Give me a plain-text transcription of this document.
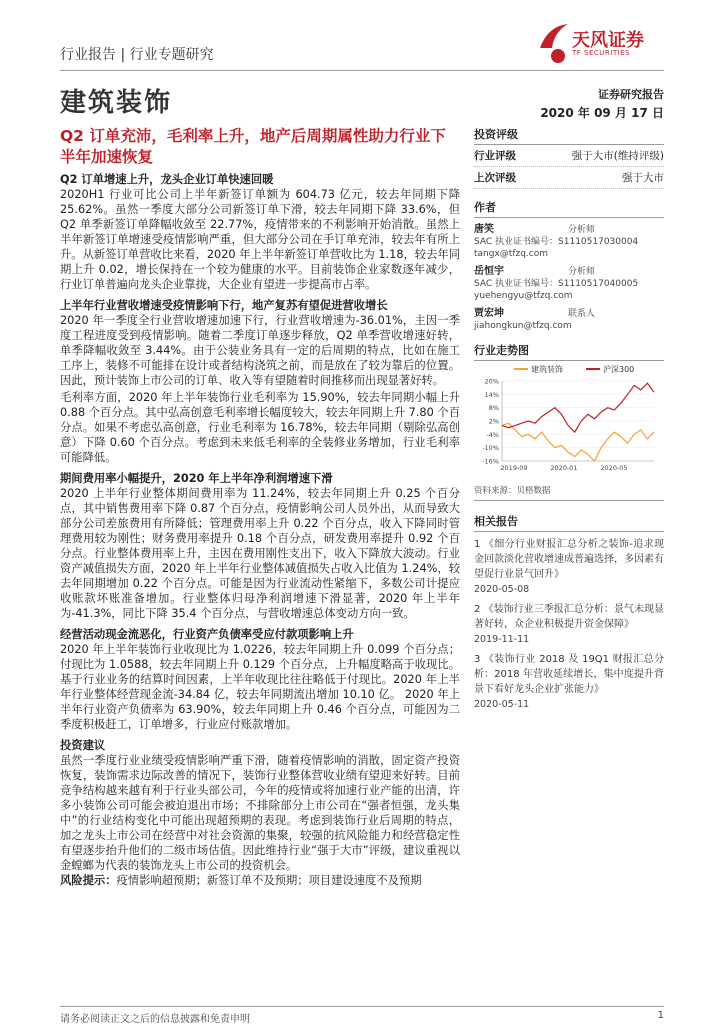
行业报告 | 行业专题研究
天风证券
TF SECURITIES
建筑装饰	证券研究报告
2020 年 09 月 17 日
Q2 订单充沛，毛利率上升，地产后周期属性助力行业下半年加速恢复
Q2 订单增速上升，龙头企业订单快速回暖

2020H1 行业可比公司上半年新签订单额为 604.73 亿元，较去年同期下降 25.62%。虽然一季度大部分公司新签订单下滑，较去年同期下降 33.6%，但 Q2 单季新签订单降幅收敛至 22.77%，疫情带来的不利影响开始消散。虽然上半年新签订单增速受疫情影响严重，但大部分公司在手订单充沛，较去年有所上升。从新签订单营收比来看，2020 年上半年新签订单营收比为 1.18，较去年同期上升 0.02，增长保持在一个较为健康的水平。目前装饰企业家数逐年减少，行业订单普遍向龙头企业靠拢，大企业有望进一步提高市占率。

上半年行业营收增速受疫情影响下行，地产复苏有望促进营收增长

2020 年一季度全行业营收增速加速下行，行业营收增速为-36.01%，主因一季度工程进度受到疫情影响。随着二季度订单逐步释放，Q2 单季营收增速好转，单季降幅收敛至 3.44%。由于公装业务具有一定的后周期的特点，比如在施工工序上，装修不可能排在设计或者结构浇筑之前，而是放在了较为靠后的位置。因此，预计装饰上市公司的订单、收入等有望随着时间推移而出现显著好转。

毛利率方面，2020 年上半年装饰行业毛利率为 15.90%，较去年同期小幅上升 0.88 个百分点。其中弘高创意毛利率增长幅度较大，较去年同期上升 7.80 个百分点。如果不考虑弘高创意，行业毛利率为 16.78%，较去年同期（剔除弘高创意）下降 0.60 个百分点。考虑到未来低毛利率的全装修业务增加，行业毛利率可能降低。

期间费用率小幅提升，2020 年上半年净利润增速下滑

2020 上半年行业整体期间费用率为 11.24%，较去年同期上升 0.25 个百分点，其中销售费用率下降 0.87 个百分点，疫情影响公司人员外出，从而导致大部分公司差旅费用有所降低；管理费用率上升 0.22 个百分点，收入下降同时管理费用较为刚性；财务费用率提升 0.18 个百分点，研发费用率提升 0.92 个百分点。行业整体费用率上升，主因在费用刚性支出下，收入下降放大波动。行业资产减值损失方面，2020 年上半年行业整体减值损失占收入比值为 1.24%，较去年同期增加 0.22 个百分点。可能是因为行业流动性紧缩下，多数公司计提应收账款坏账准备增加。行业整体归母净利润增速下滑显著，2020 年上半年为-41.3%，同比下降 35.4 个百分点，与营收增速总体变动方向一致。

经营活动现金流恶化，行业资产负债率受应付款项影响上升

2020 年上半年装饰行业收现比为 1.0226，较去年同期上升 0.099 个百分点；付现比为 1.0588，较去年同期上升 0.129 个百分点，上升幅度略高于收现比。基于行业业务的结算时间因素，上半年收现比往往略低于付现比。2020 年上半年行业整体经营现金流-34.84 亿，较去年同期流出增加 10.10 亿。 2020 年上半年行业资产负债率为 63.90%，较去年同期上升 0.46 个百分点，可能因为二季度积极赶工，订单增多，行业应付账款增加。

投资建议

虽然一季度行业业绩受疫情影响严重下滑，随着疫情影响的消散，固定资产投资恢复，装饰需求边际改善的情况下，装饰行业整体营收业绩有望迎来好转。目前竞争结构越来越有利于行业头部公司，今年的疫情或将加速行业产能的出清，许多小装饰公司可能会被迫退出市场；不排除部分上市公司在“强者恒强，龙头集中”的行业结构变化中可能出现超预期的表现。考虑到装饰行业后周期的特点，加之龙头上市公司在经营中对社会资源的集聚，较强的抗风险能力和经营稳定性有望逐步抬升他们的二级市场估值。因此维持行业“强于大市”评级，建议重视以金螳螂为代表的装饰龙头上市公司的投资机会。

风险提示：疫情影响超预期；新签订单不及预期；项目建设速度不及预期

投资评级
行业评级	强于大市(维持评级)
上次评级	强于大市
作者
唐笑	分析师
SAC 执业证书编号：S1110517030004
tangx@tfzq.com
岳恒宇	分析师
SAC 执业证书编号：S1110517040005
yuehengyu@tfzq.com
贾宏坤	联系人
jiahongkun@tfzq.com
行业走势图
20%
14%
8%
2%
-4%
-10%
-16%
2019-09	2020-01	2020-05
建筑装饰	沪深300
资料来源：贝格数据
相关报告
1 《细分行业财报汇总分析之装饰-追求现金回款淡化营收增速成普遍选择，多因素有望促行业景气回升》
2020-05-08
2 《装饰行业三季报汇总分析：景气未现显著好转，众企业积极提升资金保障》
2019-11-11
3 《装饰行业 2018 及 19Q1 财报汇总分析：2018 年营收延续增长，集中度提升背景下看好龙头企业扩张能力》
2020-05-11
请务必阅读正文之后的信息披露和免责申明	1
